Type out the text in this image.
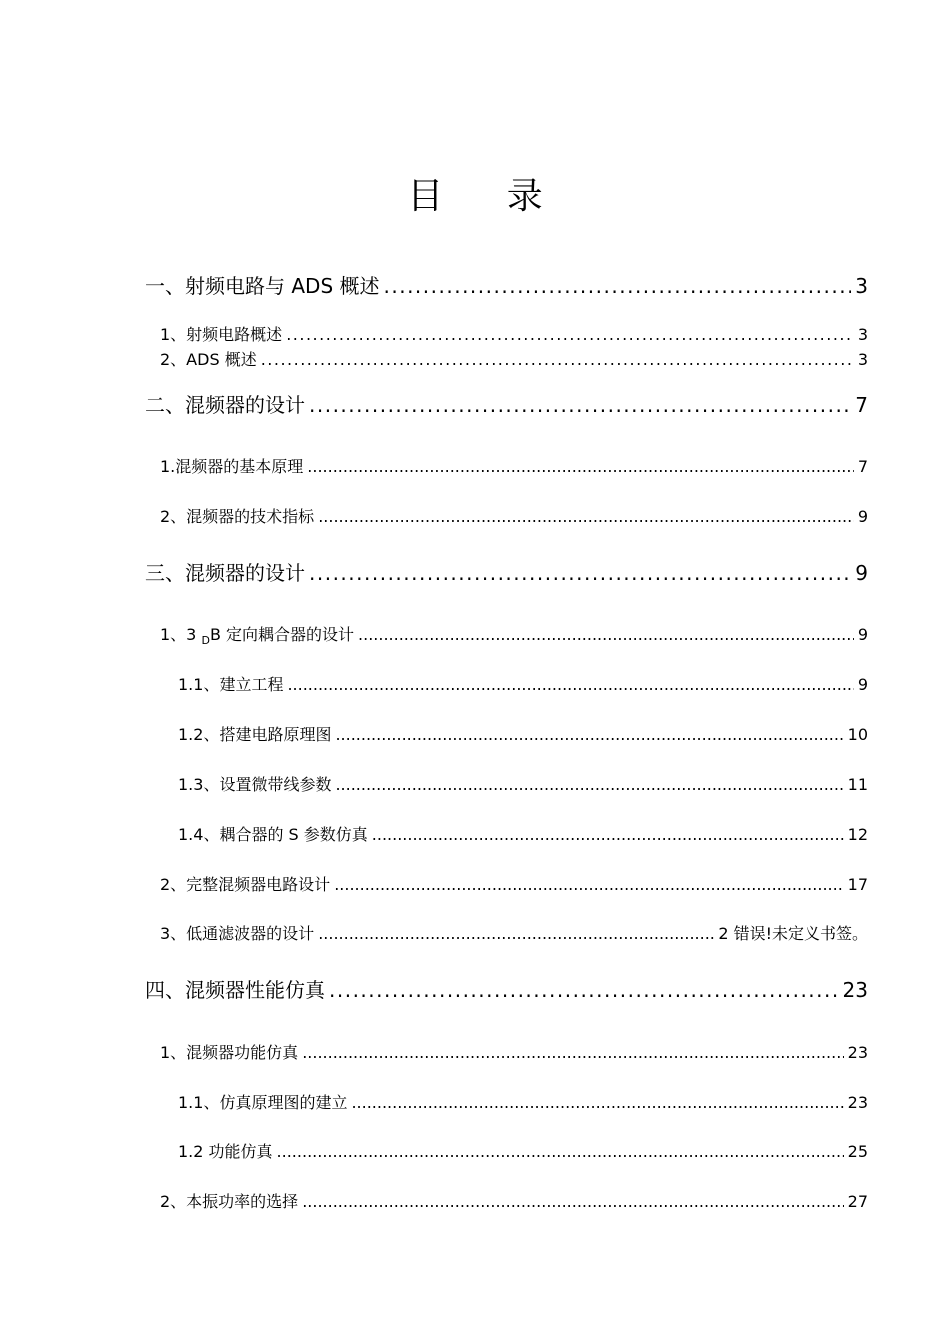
目 录
一、射频电路与 ADS 概述 .....	3
1、射频电路概述 .....	3
2、ADS 概述 .....	3
二、混频器的设计 .....	7
1.混频器的基本原理 .....	7
2、混频器的技术指标 .....	9
三、混频器的设计 .....	9
1、3 $_D$B 定向耦合器的设计 .....	9
1.1、建立工程 .....	9
1.2、搭建电路原理图 .....	10
1.3、设置微带线参数 .....	11
1.4、耦合器的 S 参数仿真 .....	12
2、完整混频器电路设计 .....	17
3、低通滤波器的设计 .....	2 错误!未定义书签。
四、混频器性能仿真 .....	23
1、混频器功能仿真 .....	23
1.1、仿真原理图的建立 .....	23
1.2 功能仿真 .....	25
2、本振功率的选择 .....	27
